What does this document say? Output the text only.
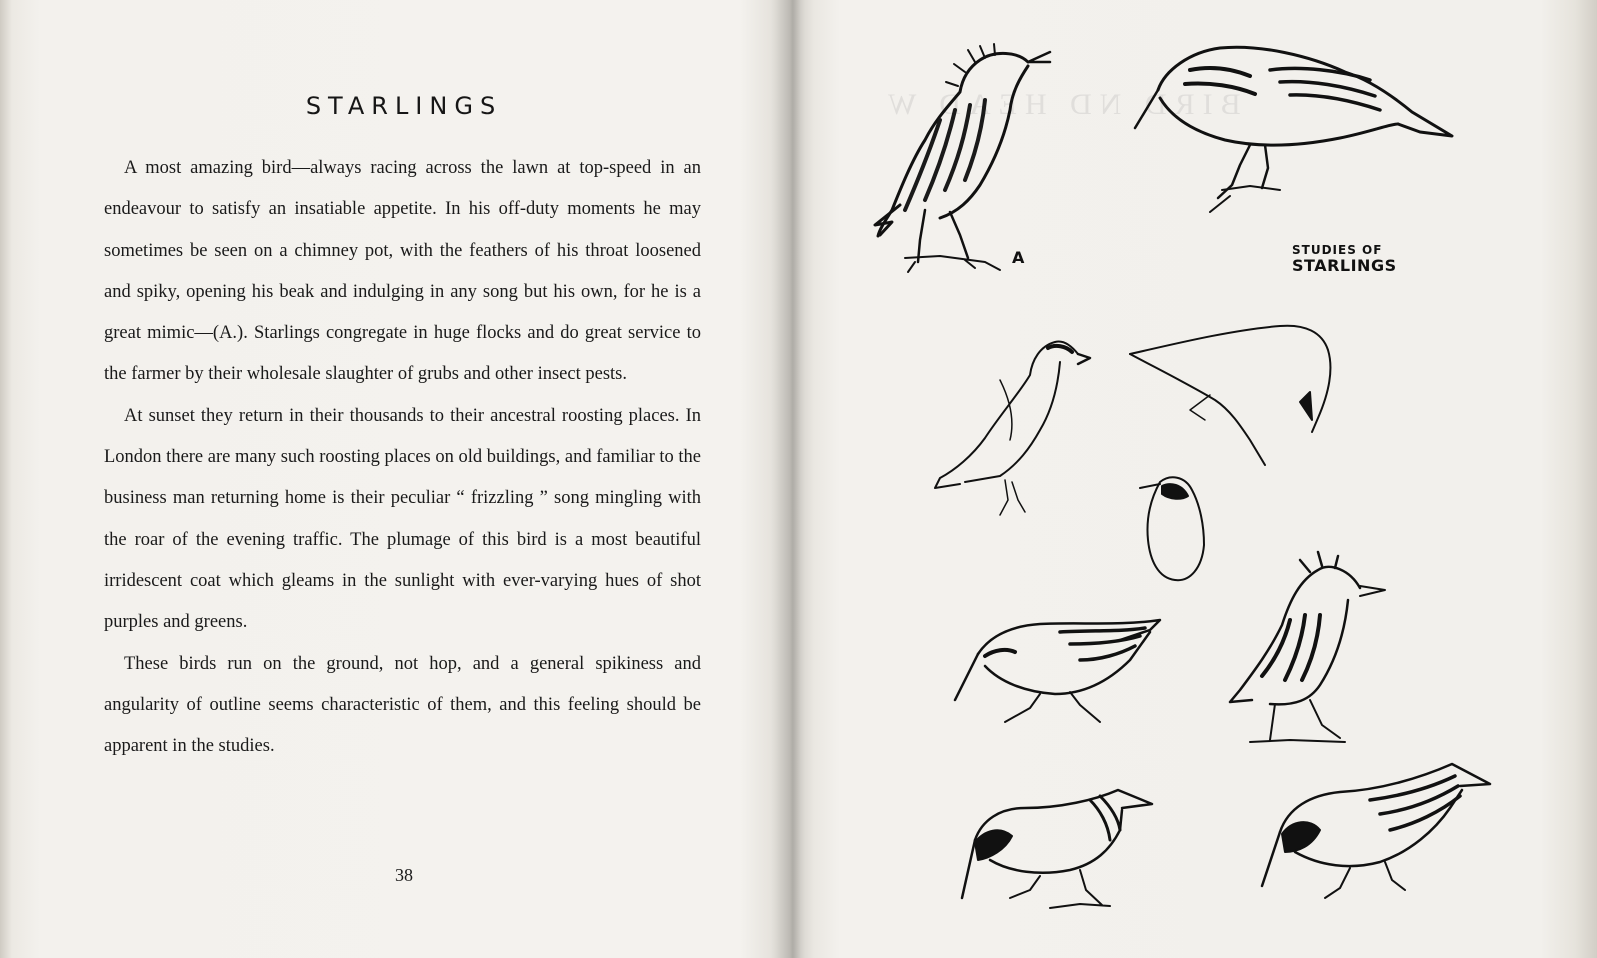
STARLINGS

A most amazing bird—always racing across the lawn at top-speed in an endeavour to satisfy an insatiable appetite. In his off-duty moments he may sometimes be seen on a chimney pot, with the feathers of his throat loosened and spiky, opening his beak and indulging in any song but his own, for he is a great mimic—(A.). Starlings congregate in huge flocks and do great service to the farmer by their wholesale slaughter of grubs and other insect pests.

At sunset they return in their thousands to their ancestral roosting places. In London there are many such roosting places on old buildings, and familiar to the business man returning home is their peculiar “ frizzling ” song mingling with the roar of the evening traffic. The plumage of this bird is a most beautiful irridescent coat which gleams in the sunlight with ever-varying hues of shot purples and greens.

These birds run on the ground, not hop, and a general spikiness and angularity of outline seems characteristic of them, and this feeling should be apparent in the studies.

38
BIRD ND HEAD W
A	STUDIES OF
STARLINGS
